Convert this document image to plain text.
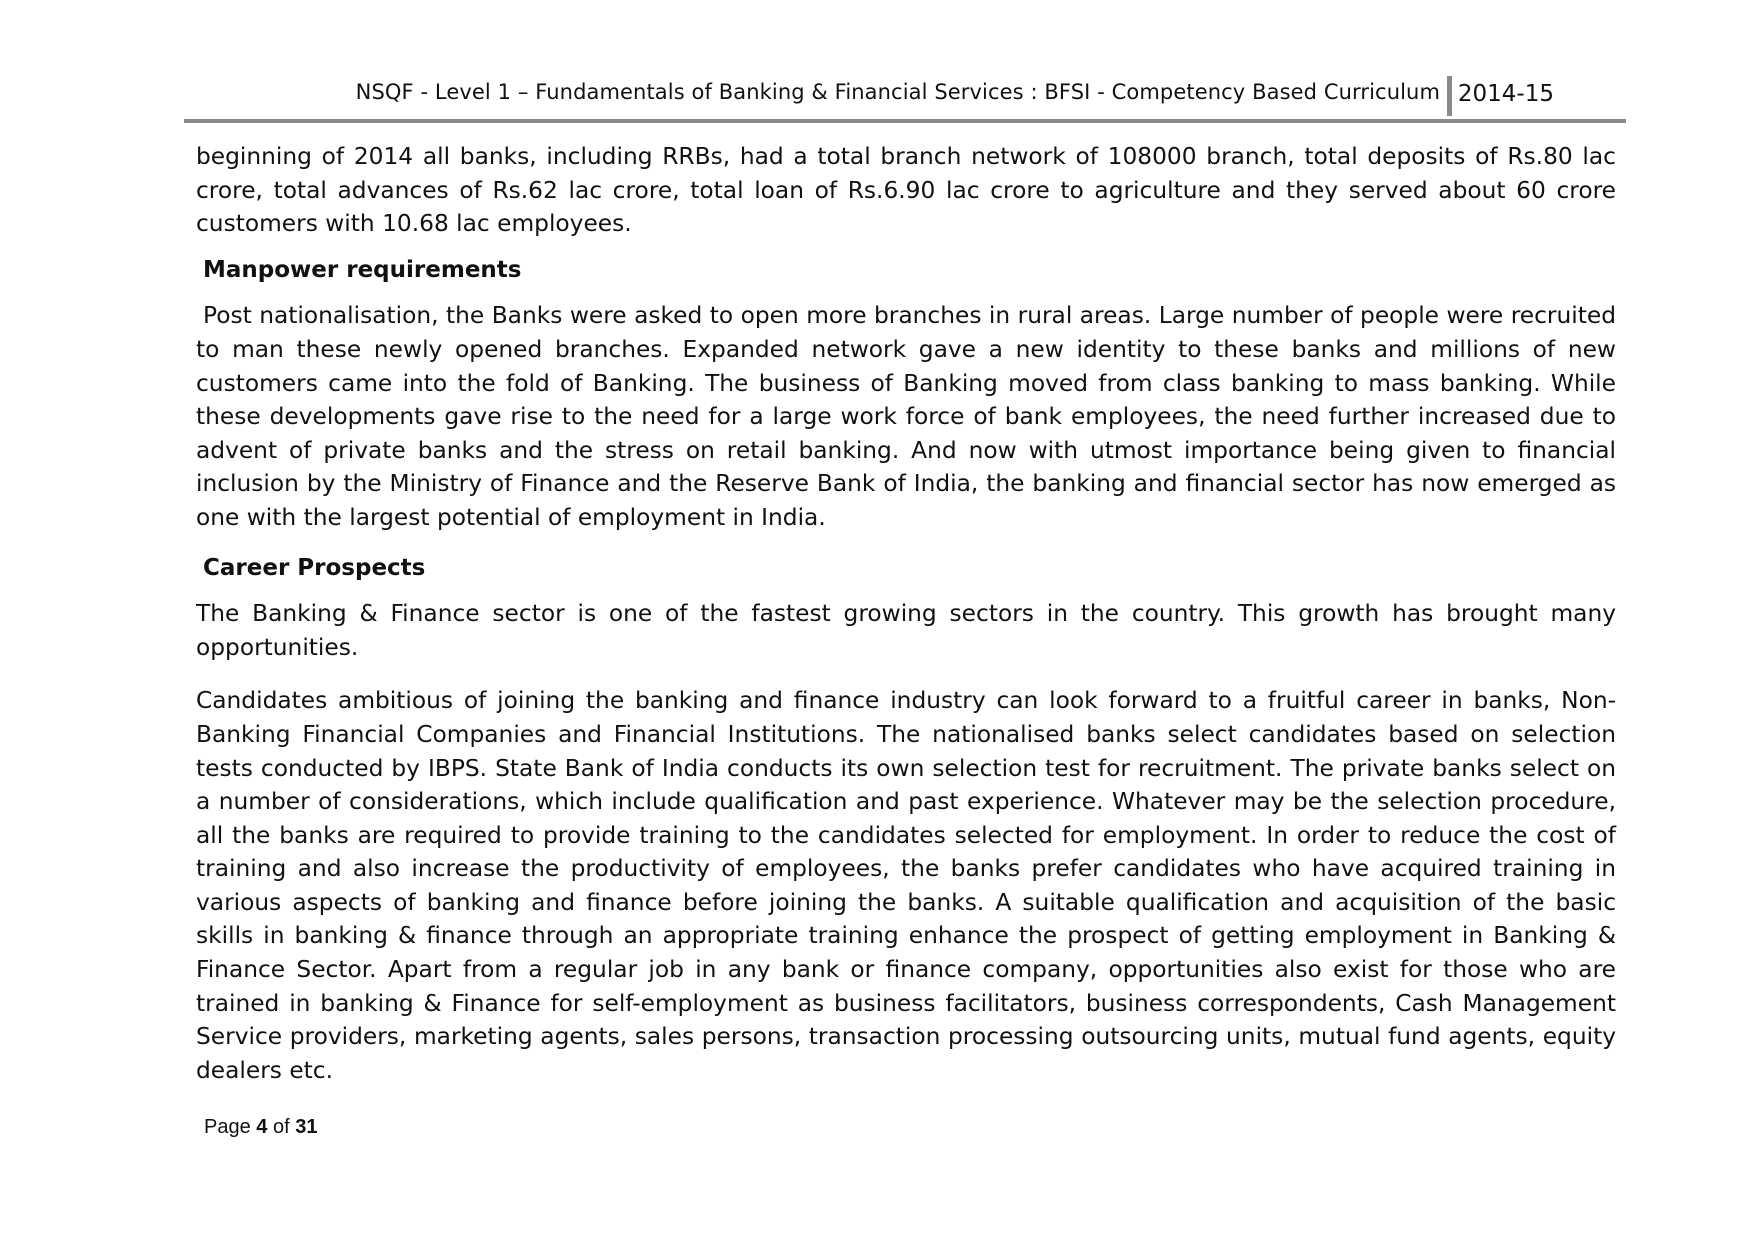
NSQF - Level 1 – Fundamentals of Banking & Financial Services : BFSI - Competency Based Curriculum 2014-15

beginning of 2014 all banks, including RRBs, had a total branch network of 108000 branch, total deposits of Rs.80 lac crore, total advances of Rs.62 lac crore, total loan of Rs.6.90 lac crore to agriculture and they served about 60 crore customers with 10.68 lac employees.

Manpower requirements

Post nationalisation, the Banks were asked to open more branches in rural areas. Large number of people were recruited to man these newly opened branches. Expanded network gave a new identity to these banks and millions of new customers came into the fold of Banking. The business of Banking moved from class banking to mass banking. While these developments gave rise to the need for a large work force of bank employees, the need further increased due to advent of private banks and the stress on retail banking. And now with utmost importance being given to financial inclusion by the Ministry of Finance and the Reserve Bank of India, the banking and financial sector has now emerged as one with the largest potential of employment in India.

Career Prospects

The Banking & Finance sector is one of the fastest growing sectors in the country. This growth has brought many opportunities.

Candidates ambitious of joining the banking and finance industry can look forward to a fruitful career in banks, Non-Banking Financial Companies and Financial Institutions. The nationalised banks select candidates based on selection tests conducted by IBPS. State Bank of India conducts its own selection test for recruitment. The private banks select on a number of considerations, which include qualification and past experience. Whatever may be the selection procedure, all the banks are required to provide training to the candidates selected for employment. In order to reduce the cost of training and also increase the productivity of employees, the banks prefer candidates who have acquired training in various aspects of banking and finance before joining the banks. A suitable qualification and acquisition of the basic skills in banking & finance through an appropriate training enhance the prospect of getting employment in Banking & Finance Sector. Apart from a regular job in any bank or finance company, opportunities also exist for those who are trained in banking & Finance for self-employment as business facilitators, business correspondents, Cash Management Service providers, marketing agents, sales persons, transaction processing outsourcing units, mutual fund agents, equity dealers etc.

Page 4 of 31
